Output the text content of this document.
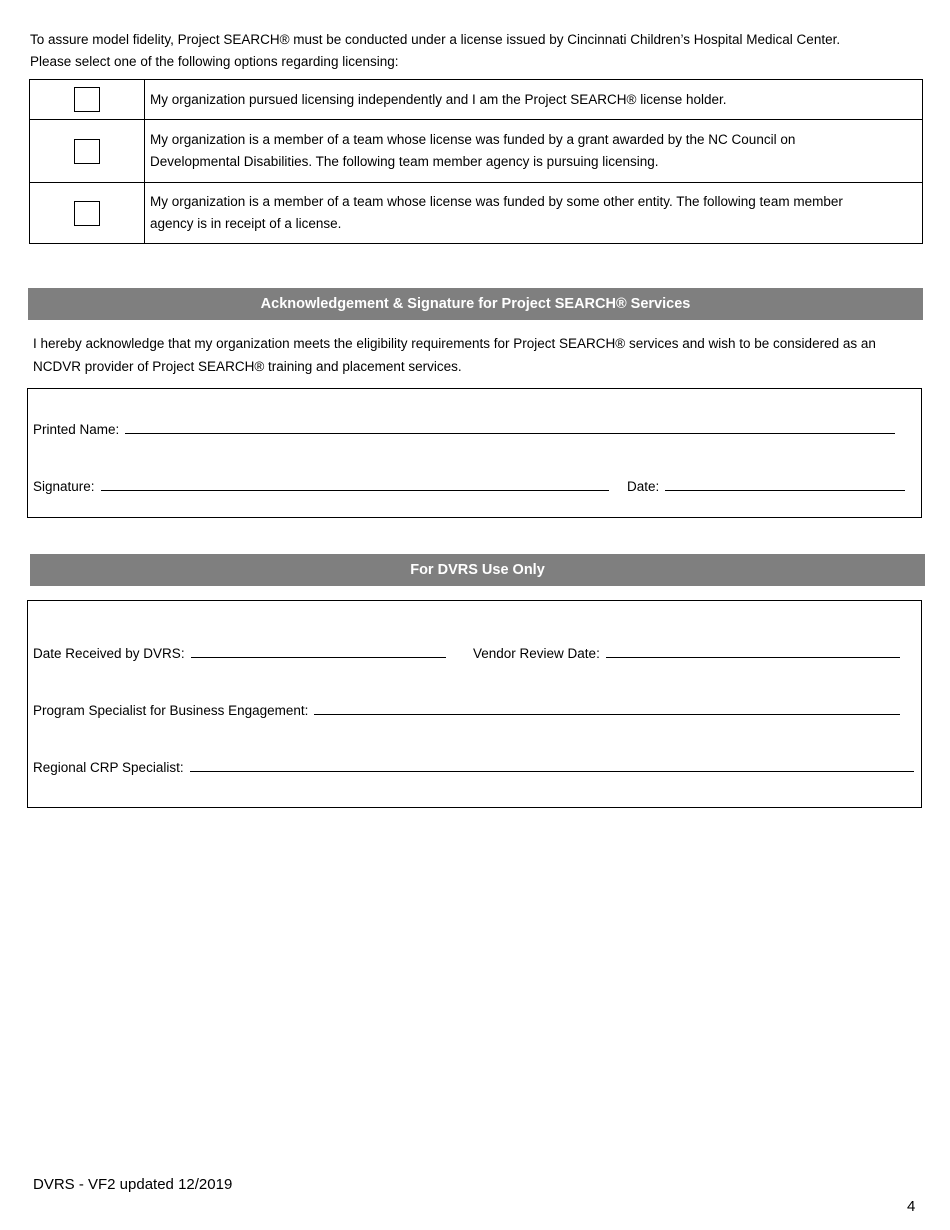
To assure model fidelity, Project SEARCH® must be conducted under a license issued by Cincinnati Children’s Hospital Medical Center.
Please select one of the following options regarding licensing:

	My organization pursued licensing independently and I am the Project SEARCH® license holder.

	My organization is a member of a team whose license was funded by a grant awarded by the NC Council on
Developmental Disabilities. The following team member agency is pursuing licensing.

	My organization is a member of a team whose license was funded by some other entity. The following team member
agency is in receipt of a license.
Acknowledgement & Signature for Project SEARCH® Services
I hereby acknowledge that my organization meets the eligibility requirements for Project SEARCH® services and wish to be considered as an
NCDVR provider of Project SEARCH® training and placement services.
Printed Name:
Signature:	Date:
For DVRS Use Only
Date Received by DVRS:	Vendor Review Date:
Program Specialist for Business Engagement:
Regional CRP Specialist:
DVRS - VF2 updated 12/2019
4
